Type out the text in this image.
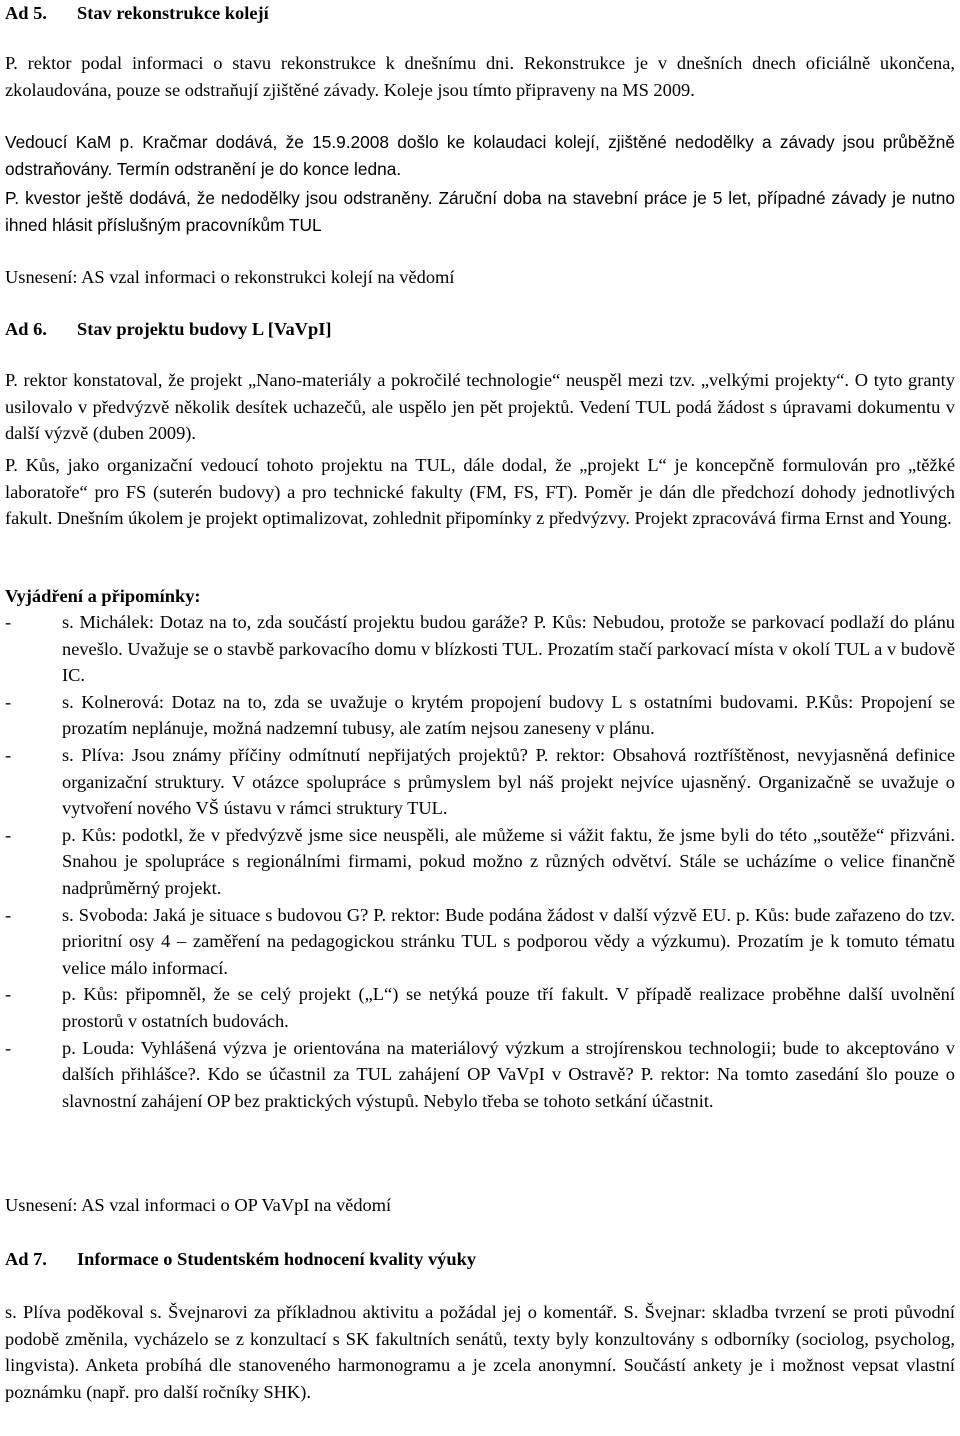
Ad 5. Stav rekonstrukce kolejí

P. rektor podal informaci o stavu rekonstrukce k dnešnímu dni. Rekonstrukce je v dnešních dnech oficiálně ukončena, zkolaudována, pouze se odstraňují zjištěné závady. Koleje jsou tímto připraveny na MS 2009.

Vedoucí KaM p. Kračmar dodává, že 15.9.2008 došlo ke kolaudaci kolejí, zjištěné nedodělky a závady jsou průběžně odstraňovány. Termín odstranění je do konce ledna.

P. kvestor ještě dodává, že nedodělky jsou odstraněny. Záruční doba na stavební práce je 5 let, případné závady je nutno ihned hlásit příslušným pracovníkům TUL

Usnesení: AS vzal informaci o rekonstrukci kolejí na vědomí

Ad 6. Stav projektu budovy L [VaVpI]

P. rektor konstatoval, že projekt „Nano-materiály a pokročilé technologie“ neuspěl mezi tzv. „velkými projekty“. O tyto granty usilovalo v předvýzvě několik desítek uchazečů, ale uspělo jen pět projektů. Vedení TUL podá žádost s úpravami dokumentu v další výzvě (duben 2009).

P. Kůs, jako organizační vedoucí tohoto projektu na TUL, dále dodal, že „projekt L“ je koncepčně formulován pro „těžké laboratoře“ pro FS (suterén budovy) a pro technické fakulty (FM, FS, FT). Poměr je dán dle předchozí dohody jednotlivých fakult. Dnešním úkolem je projekt optimalizovat, zohlednit připomínky z předvýzvy. Projekt zpracovává firma Ernst and Young.

Vyjádření a připomínky:

-	s. Michálek: Dotaz na to, zda součástí projektu budou garáže? P. Kůs: Nebudou, protože se parkovací podlaží do plánu nevešlo. Uvažuje se o stavbě parkovacího domu v blízkosti TUL. Prozatím stačí parkovací místa v okolí TUL a v budově IC.
-	s. Kolnerová: Dotaz na to, zda se uvažuje o krytém propojení budovy L s ostatními budovami. P.Kůs: Propojení se prozatím neplánuje, možná nadzemní tubusy, ale zatím nejsou zaneseny v plánu.
-	s. Plíva: Jsou známy příčiny odmítnutí nepřijatých projektů? P. rektor: Obsahová roztříštěnost, nevyjasněná definice organizační struktury. V otázce spolupráce s průmyslem byl náš projekt nejvíce ujasněný. Organizačně se uvažuje o vytvoření nového VŠ ústavu v rámci struktury TUL.
-	p. Kůs: podotkl, že v předvýzvě jsme sice neuspěli, ale můžeme si vážit faktu, že jsme byli do této „soutěže“ přizváni. Snahou je spolupráce s regionálními firmami, pokud možno z různých odvětví. Stále se ucházíme o velice finančně nadprůměrný projekt.
-	s. Svoboda: Jaká je situace s budovou G? P. rektor: Bude podána žádost v další výzvě EU. p. Kůs: bude zařazeno do tzv. prioritní osy 4 – zaměření na pedagogickou stránku TUL s podporou vědy a výzkumu). Prozatím je k tomuto tématu velice málo informací.
-	p. Kůs: připomněl, že se celý projekt („L“) se netýká pouze tří fakult. V případě realizace proběhne další uvolnění prostorů v ostatních budovách.
-	p. Louda: Vyhlášená výzva je orientována na materiálový výzkum a strojírenskou technologii; bude to akceptováno v dalších přihlášce?. Kdo se účastnil za TUL zahájení OP VaVpI v Ostravě? P. rektor: Na tomto zasedání šlo pouze o slavnostní zahájení OP bez praktických výstupů. Nebylo třeba se tohoto setkání účastnit.

Usnesení: AS vzal informaci o OP VaVpI na vědomí

Ad 7. Informace o Studentském hodnocení kvality výuky

s. Plíva poděkoval s. Švejnarovi za příkladnou aktivitu a požádal jej o komentář. S. Švejnar: skladba tvrzení se proti původní podobě změnila, vycházelo se z konzultací s SK fakultních senátů, texty byly konzultovány s odborníky (sociolog, psycholog, lingvista). Anketa probíhá dle stanoveného harmonogramu a je zcela anonymní. Součástí ankety je i možnost vepsat vlastní poznámku (např. pro další ročníky SHK).
